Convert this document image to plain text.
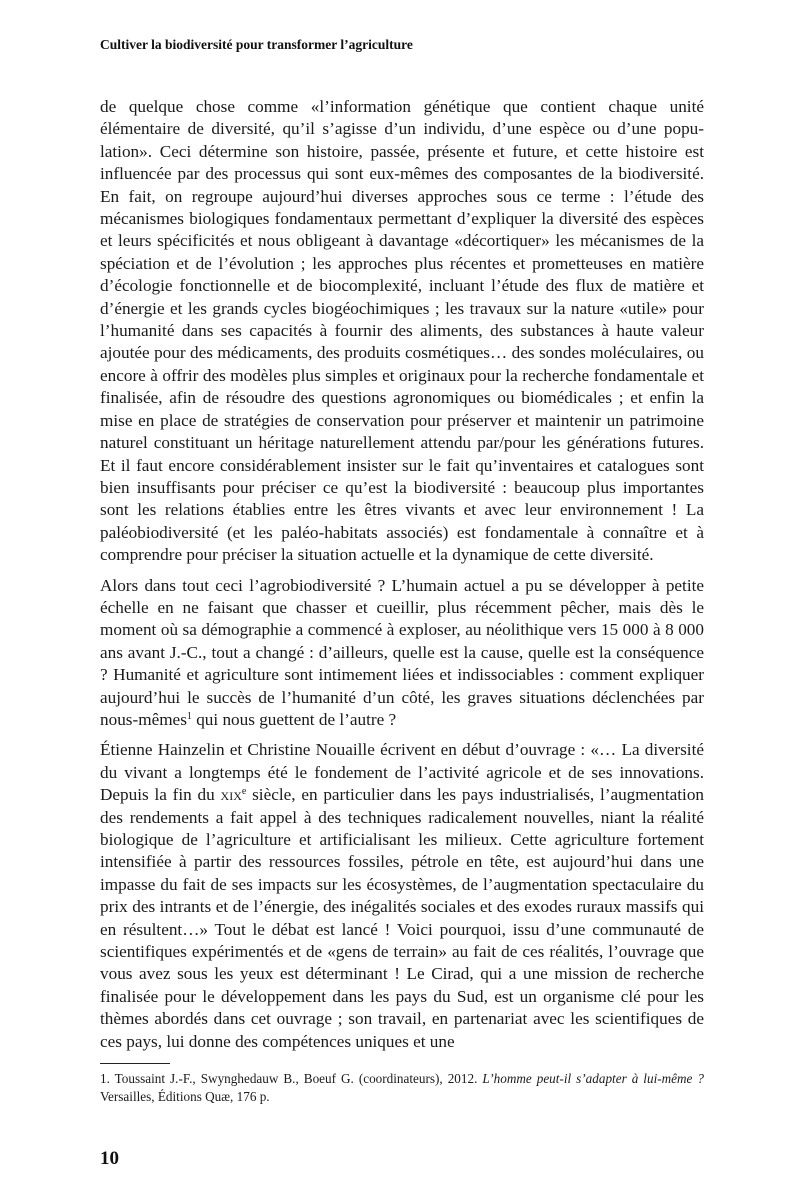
Cultiver la biodiversité pour transformer l’agriculture

de quelque chose comme «l’information génétique que contient chaque unité élémentaire de diversité, qu’il s’agisse d’un individu, d’une espèce ou d’une population». Ceci détermine son histoire, passée, présente et future, et cette histoire est influencée par des processus qui sont eux-mêmes des composantes de la biodiversité. En fait, on regroupe aujourd’hui diverses approches sous ce terme : l’étude des mécanismes biologiques fondamentaux permettant d’expliquer la diversité des espèces et leurs spécificités et nous obligeant à davantage «décortiquer» les mécanismes de la spéciation et de l’évolution ; les approches plus récentes et prometteuses en matière d’écologie fonctionnelle et de biocomplexité, incluant l’étude des flux de matière et d’énergie et les grands cycles biogéochimiques ; les travaux sur la nature «utile» pour l’humanité dans ses capacités à fournir des aliments, des substances à haute valeur ajoutée pour des médicaments, des produits cosmétiques… des sondes moléculaires, ou encore à offrir des modèles plus simples et originaux pour la recherche fondamentale et finalisée, afin de résoudre des questions agronomiques ou biomédicales ; et enfin la mise en place de stratégies de conservation pour préserver et maintenir un patrimoine naturel constituant un héritage naturellement attendu par/pour les générations futures. Et il faut encore considérablement insister sur le fait qu’inventaires et catalogues sont bien insuffisants pour préciser ce qu’est la biodiversité : beaucoup plus importantes sont les relations établies entre les êtres vivants et avec leur environnement ! La paléobiodiversité (et les paléo-habitats associés) est fondamentale à connaître et à comprendre pour préciser la situation actuelle et la dynamique de cette diversité.

Alors dans tout ceci l’agrobiodiversité ? L’humain actuel a pu se développer à petite échelle en ne faisant que chasser et cueillir, plus récemment pêcher, mais dès le moment où sa démographie a commencé à exploser, au néolithique vers 15 000 à 8 000 ans avant J.-C., tout a changé : d’ailleurs, quelle est la cause, quelle est la conséquence ? Humanité et agriculture sont intimement liées et indissociables : comment expliquer aujourd’hui le succès de l’humanité d’un côté, les graves situations déclenchées par nous-mêmes$^1$ qui nous guettent de l’autre ?

Étienne Hainzelin et Christine Nouaille écrivent en début d’ouvrage : «… La diversité du vivant a longtemps été le fondement de l’activité agricole et de ses innovations. Depuis la fin du xix$^e$ siècle, en particulier dans les pays industrialisés, l’augmentation des rendements a fait appel à des techniques radicalement nouvelles, niant la réalité biologique de l’agriculture et artificialisant les milieux. Cette agriculture fortement intensifiée à partir des ressources fossiles, pétrole en tête, est aujourd’hui dans une impasse du fait de ses impacts sur les écosystèmes, de l’augmentation spectaculaire du prix des intrants et de l’énergie, des inégalités sociales et des exodes ruraux massifs qui en résultent…» Tout le débat est lancé ! Voici pourquoi, issu d’une communauté de scientifiques expérimentés et de «gens de terrain» au fait de ces réalités, l’ouvrage que vous avez sous les yeux est déterminant ! Le Cirad, qui a une mission de recherche finalisée pour le développement dans les pays du Sud, est un organisme clé pour les thèmes abordés dans cet ouvrage ; son travail, en partenariat avec les scientifiques de ces pays, lui donne des compétences uniques et une

1. Toussaint J.-F., Swynghedauw B., Boeuf G. (coordinateurs), 2012. L’homme peut-il s’adapter à lui-même ? Versailles, Éditions Quæ, 176 p.
10
